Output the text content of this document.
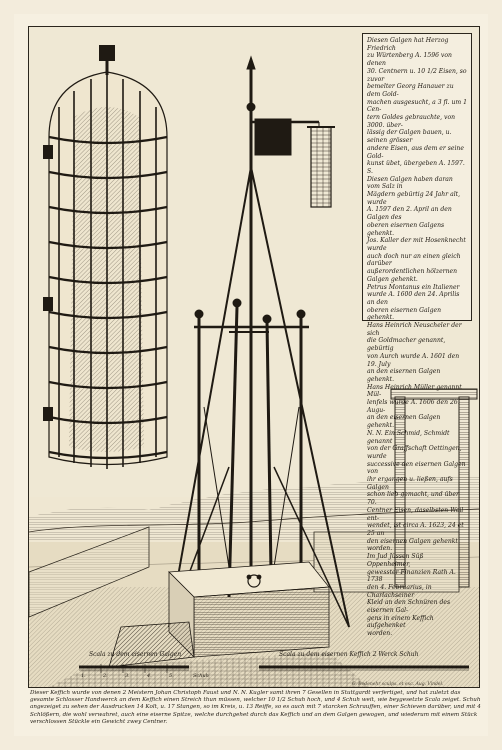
Diesen Galgen hat Herzog Friedrich

zu Würtenberg A. 1596 von denen

30. Centnern u. 10 1/2 Eisen, so zuvor

bemelter Georg Hanauer zu dem Gold-

machen ausgesucht, a 3 fl. um 1 Cen-

tern Goldes gebrauchte, von 3000. über-

lässig der Galgen bauen, u. seinen grösser

andere Eisen, aus dem er seine Gold-

kunst übet, übergeben A. 1597. S.

Diesen Galgen haben daran vom Salz in

Mägdern gebürtig 24 Jahr alt, wurde

A. 1597 den 2. April an den Galgen des

oberen eisernen Galgens gehenkt.

Jos. Kaller der mit Hosenknecht wurde

auch doch nur an einen gleich darüber

außerordentlichen hölzernen Galgen gehenkt.

Petrus Montanus ein Italiener

wurde A. 1600 den 24. Aprilis an den

oberen eisernen Galgen gehenkt.

Hans Heinrich Neuscheler der sich

die Goldmacher genannt, gebürtig

von Aurch wurde A. 1601 den 19. July

an den eisernen Galgen gehenkt.

Hans Heinrich Müller genannt Mül-

lenfels wurde A. 1606 den 26. Augu-

an den eisernen Galgen gehenkt.

N. N. Ein Schmid, Schmidt genannt

von der Graffschaft Oettingen, wurde

successive den eisernen Galgen von

ihr ergangen u. ließen, aufs Galgen

schon lieb gemacht, und über 70.

Centner Eisen, daselbsten Weil ent-

wendet, ist circa A. 1623, 24 et 25 an

den eisernen Galgen gehenkt worden.

Im Jud Jüssen Süß Oppenheimer,

gewesster Finanzien Rath A. 1738

den 4. Februarius, in Charlachseiner

Kleid an den Schnüren des eisernen Gal-

gens in einem Keffich aufgehenket

worden.

Scala zu dem eisernen Galgen
1.	2.	3.	4.	5.	Schuh
Scala zu dem eisernen Keffich 2 Werck Schuh
G. Bodenehr sculps. et exc. Aug. Vindel.
Dieser Keffich wurde von denen 2 Meistern Johan Christoph Faust und N. N. Kugler samt ihren 7 Gesellen in Stuttgardt verfertiget, und hat zuletzt das gesamte Schlosser Handwerck an dem Keffich einen Streich thun müssen, welcher 10 1/2 Schuh hoch, und 4 Schuh weit, wie beygesetzte Scala zeiget. Schuh angezeiget zu sehen der Ausdrucken 14 Kolt, u. 17 Stangen, so im Kreis, u. 13 Reiffe, so es auch mit 7 starcken Schrauffen, einer Schieven darüber, und mit 4 Schlößern, die wohl verwahret, auch eine eiserne Spitze, welche durchgehet durch das Keffich und an dem Galgen gewogen, und wiederum mit einem Stück verschlossen Stückle ein Gewicht zwey Centner.
